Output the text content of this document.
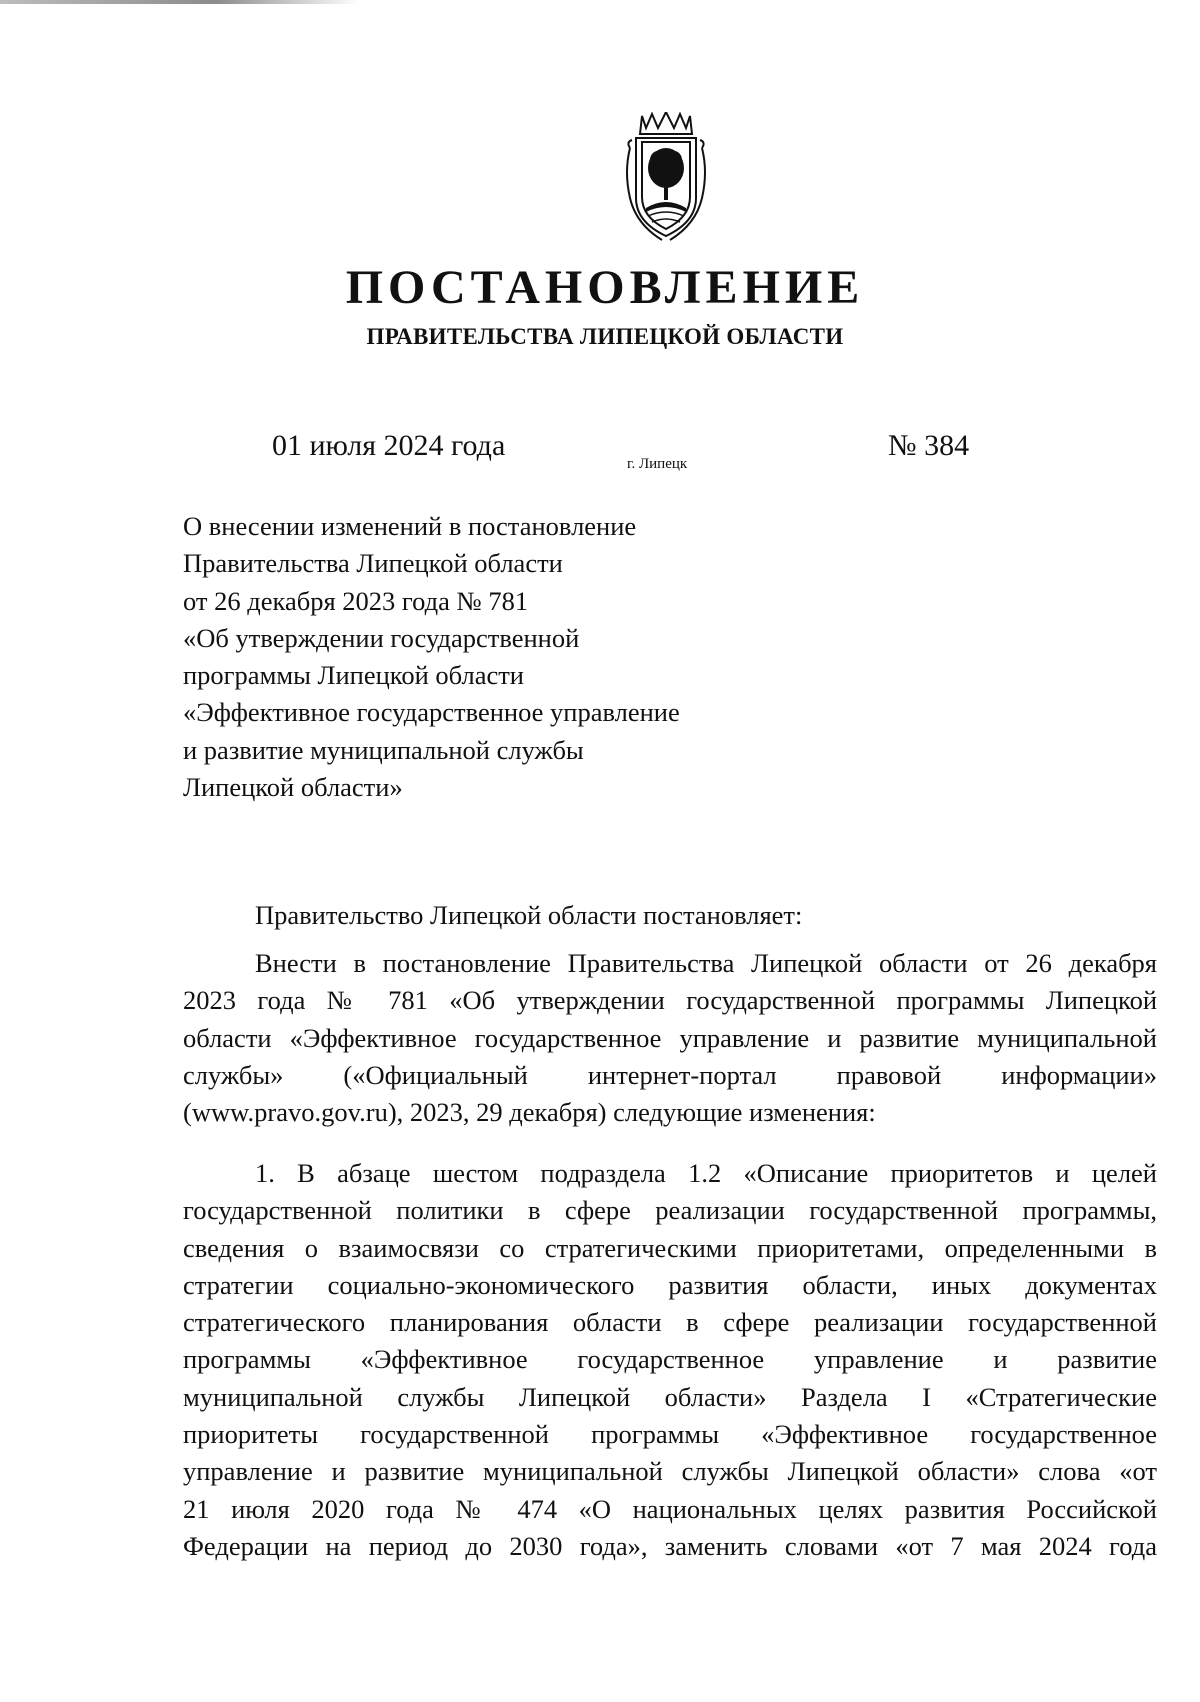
ПОСТАНОВЛЕНИЕ
ПРАВИТЕЛЬСТВА ЛИПЕЦКОЙ ОБЛАСТИ
01 июля 2024 года
г. Липецк
№ 384
О внесении изменений в постановление
Правительства Липецкой области
от 26 декабря 2023 года № 781
«Об утверждении государственной
программы Липецкой области
«Эффективное государственное управление
и развитие муниципальной службы
Липецкой области»
Правительство Липецкой области постановляет:
Внести в постановление Правительства Липецкой области от 26 декабря
2023 года № 781 «Об утверждении государственной программы Липецкой
области «Эффективное государственное управление и развитие муниципальной
службы» («Официальный интернет-портал правовой информации»
(www.pravo.gov.ru), 2023, 29 декабря) следующие изменения:
1. В абзаце шестом подраздела 1.2 «Описание приоритетов и целей
государственной политики в сфере реализации государственной программы,
сведения о взаимосвязи со стратегическими приоритетами, определенными в
стратегии социально-экономического развития области, иных документах
стратегического планирования области в сфере реализации государственной
программы «Эффективное государственное управление и развитие
муниципальной службы Липецкой области» Раздела I «Стратегические
приоритеты государственной программы «Эффективное государственное
управление и развитие муниципальной службы Липецкой области» слова «от
21 июля 2020 года № 474 «О национальных целях развития Российской
Федерации на период до 2030 года», заменить словами «от 7 мая 2024 года
